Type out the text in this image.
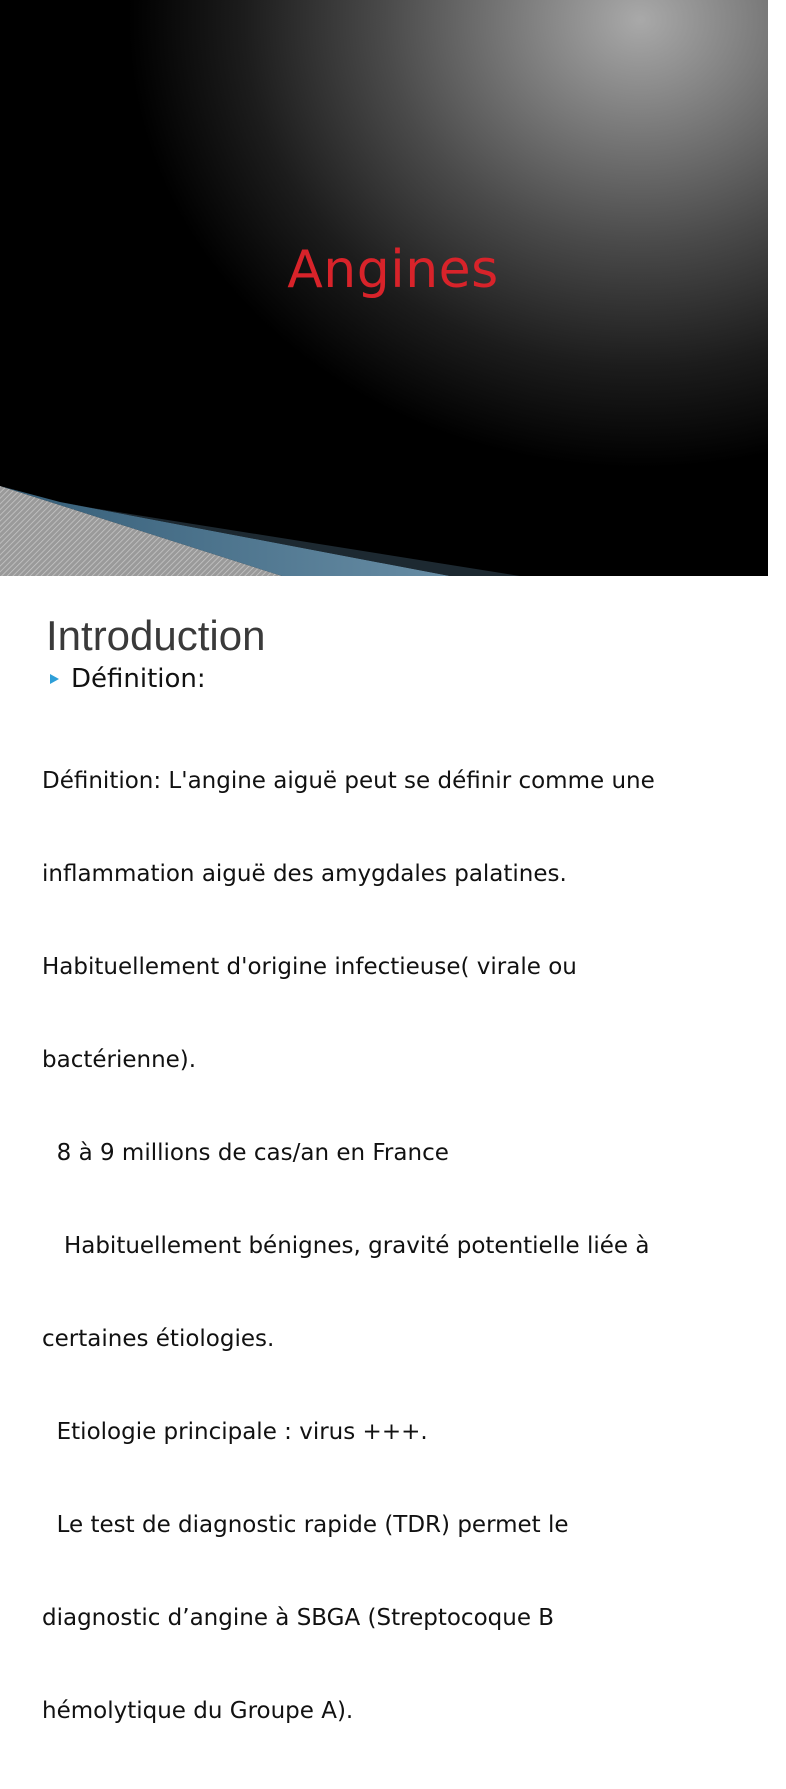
Angines
Introduction
Définition:

Définition: L'angine aiguë peut se définir comme une

inflammation aiguë des amygdales palatines.

Habituellement d'origine infectieuse( virale ou

bactérienne).

8 à 9 millions de cas/an en France

Habituellement bénignes, gravité potentielle liée à

certaines étiologies.

Etiologie principale : virus +++.

Le test de diagnostic rapide (TDR) permet le

diagnostic d’angine à SBGA (Streptocoque B

hémolytique du Groupe A).
